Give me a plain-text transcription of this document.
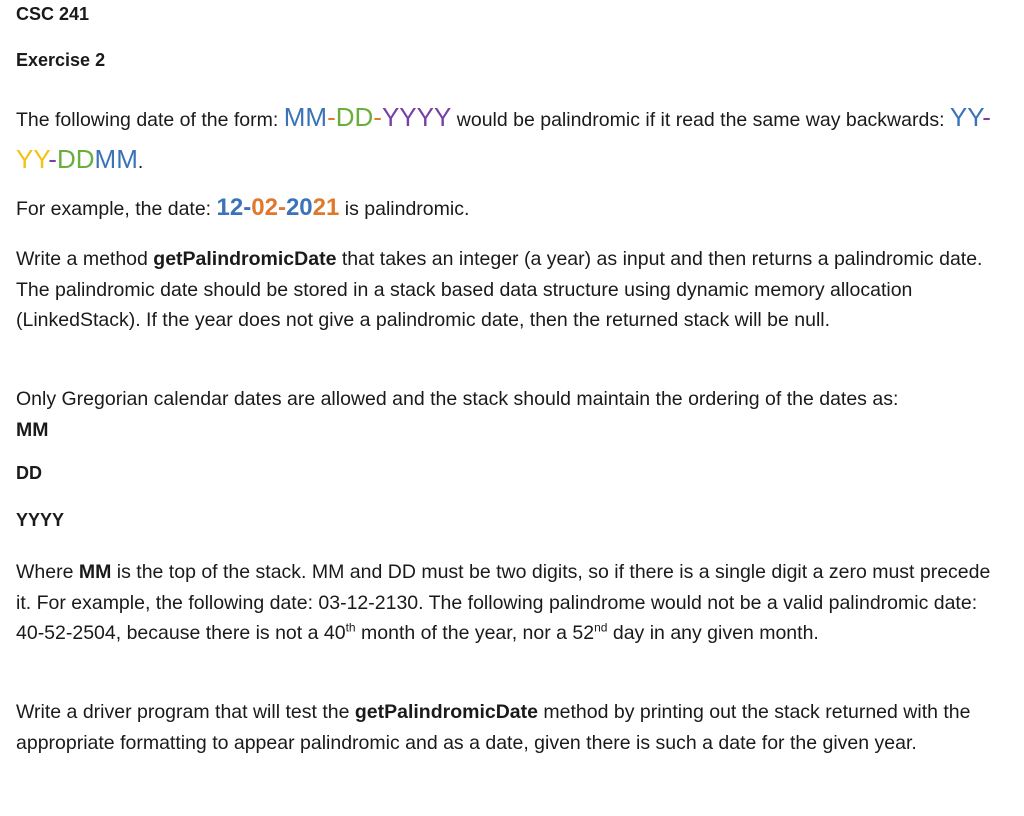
CSC 241
Exercise 2
The following date of the form: MM-DD-YYYY would be palindromic if it read the same way backwards: YY-YY-DDMM.
For example, the date: 12-02-2021 is palindromic.
Write a method getPalindromicDate that takes an integer (a year) as input and then returns a palindromic date. The palindromic date should be stored in a stack based data structure using dynamic memory allocation (LinkedStack). If the year does not give a palindromic date, then the returned stack will be null.
Only Gregorian calendar dates are allowed and the stack should maintain the ordering of the dates as:
MM
DD
YYYY
Where MM is the top of the stack. MM and DD must be two digits, so if there is a single digit a zero must precede it. For example, the following date: 03-12-2130. The following palindrome would not be a valid palindromic date: 40-52-2504, because there is not a 40th month of the year, nor a 52nd day in any given month.
Write a driver program that will test the getPalindromicDate method by printing out the stack returned with the appropriate formatting to appear palindromic and as a date, given there is such a date for the given year.
